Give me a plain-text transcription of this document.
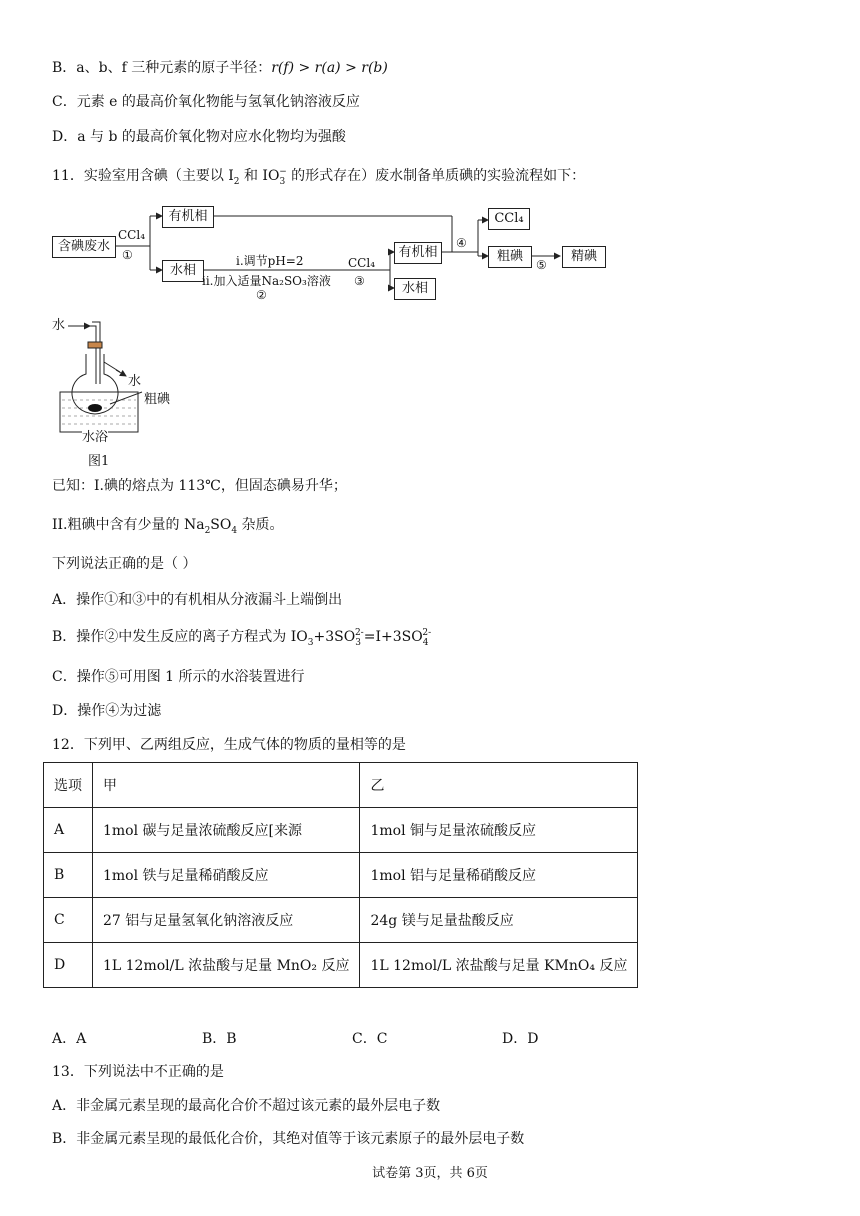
B．a、b、f 三种元素的原子半径：r(f) > r(a) > r(b)
C．元素 e 的最高价氧化物能与氢氧化钠溶液反应
D．a 与 b 的最高价氧化物对应水化物均为强酸
11．实验室用含碘（主要以 $I_2$ 和 $IO_3^-$ 的形式存在）废水制备单质碘的实验流程如下：
含碘废水
CCl₄
①
有机相
水相
i.调节pH=2
ii.加入适量Na₂SO₃溶液
②
CCl₄
③
有机相
水相
④
CCl₄
粗碘
⑤
精碘
水
水
粗碘
水浴
图1
已知：I.碘的熔点为 113℃，但固态碘易升华；
II.粗碘中含有少量的 $Na_2SO_4$ 杂质。
下列说法正确的是（ ）
A．操作①和③中的有机相从分液漏斗上端倒出
B．操作②中发生反应的离子方程式为 $IO_3+3SO_3^{2-}=I+3SO_4^{2-}$
C．操作⑤可用图 1 所示的水浴装置进行
D．操作④为过滤
12．下列甲、乙两组反应，生成气体的物质的量相等的是
选项	甲	乙
A	1mol 碳与足量浓硫酸反应[来源	1mol 铜与足量浓硫酸反应
B	1mol 铁与足量稀硝酸反应	1mol 铝与足量稀硝酸反应
C	27 铝与足量氢氧化钠溶液反应	24g 镁与足量盐酸反应
D	1L 12mol/L 浓盐酸与足量 MnO₂ 反应	1L 12mol/L 浓盐酸与足量 KMnO₄ 反应
A．A	B．B	C．C	D．D
13．下列说法中不正确的是
A．非金属元素呈现的最高化合价不超过该元素的最外层电子数
B．非金属元素呈现的最低化合价，其绝对值等于该元素原子的最外层电子数
试卷第 3页，共 6页
